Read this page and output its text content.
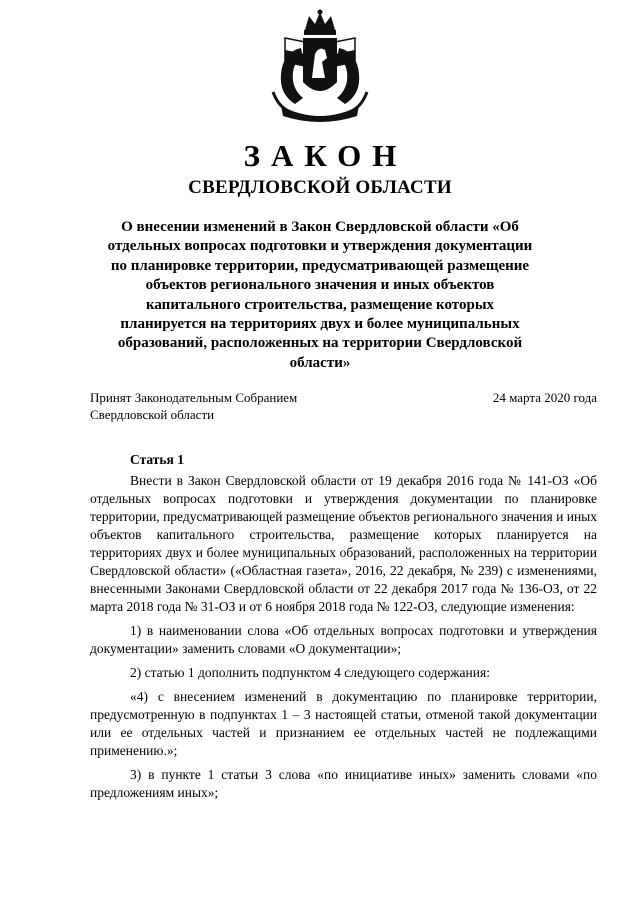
ЗАКОН
СВЕРДЛОВСКОЙ ОБЛАСТИ
О внесении изменений в Закон Свердловской области «Об отдельных вопросах подготовки и утверждения документации по планировке территории, предусматривающей размещение объектов регионального значения и иных объектов капитального строительства, размещение которых планируется на территориях двух и более муниципальных образований, расположенных на территории Свердловской области»
Принят Законодательным Собранием
Свердловской области
24 марта 2020 года
Статья 1

Внести в Закон Свердловской области от 19 декабря 2016 года № 141-ОЗ «Об отдельных вопросах подготовки и утверждения документации по планировке территории, предусматривающей размещение объектов регионального значения и иных объектов капитального строительства, размещение которых планируется на территориях двух и более муниципальных образований, расположенных на территории Свердловской области» («Областная газета», 2016, 22 декабря, № 239) с изменениями, внесенными Законами Свердловской области от 22 декабря 2017 года № 136-ОЗ, от 22 марта 2018 года № 31-ОЗ и от 6 ноября 2018 года № 122-ОЗ, следующие изменения:

1) в наименовании слова «Об отдельных вопросах подготовки и утверждения документации» заменить словами «О документации»;

2) статью 1 дополнить подпунктом 4 следующего содержания:

«4) с внесением изменений в документацию по планировке территории, предусмотренную в подпунктах 1 – 3 настоящей статьи, отменой такой документации или ее отдельных частей и признанием ее отдельных частей не подлежащими применению.»;

3) в пункте 1 статьи 3 слова «по инициативе иных» заменить словами «по предложениям иных»;
